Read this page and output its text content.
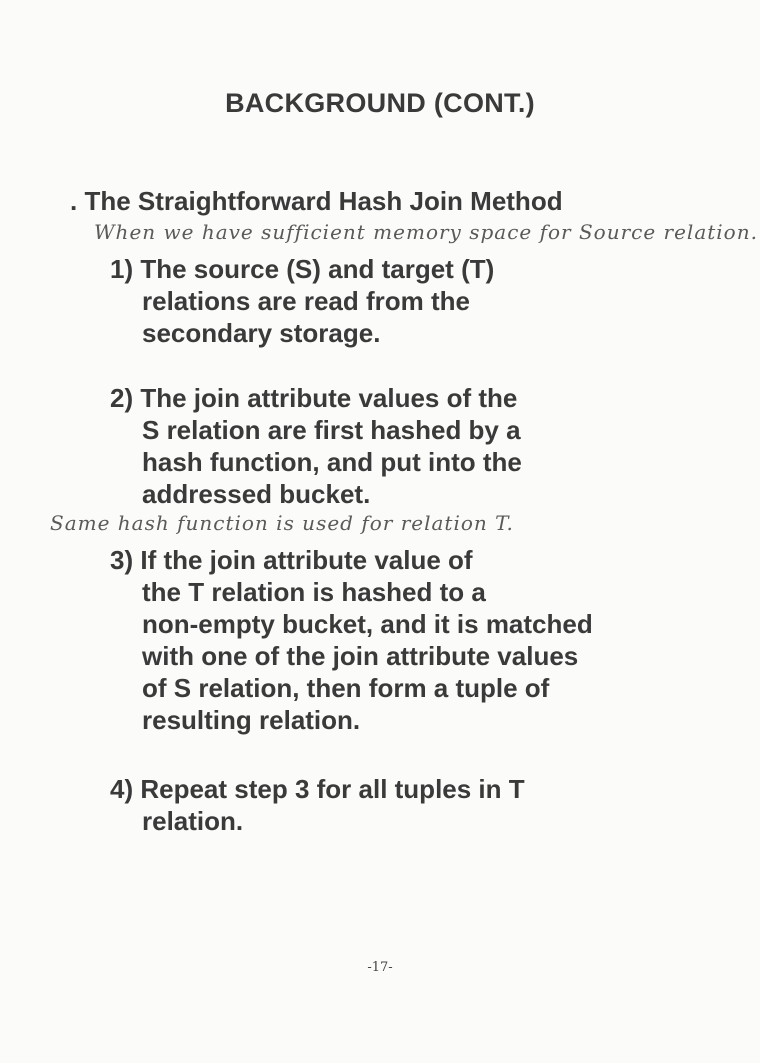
BACKGROUND (CONT.)
. The Straightforward Hash Join Method
When we have sufficient memory space for Source relation.
1) The source (S) and target (T)
relations are read from the
secondary storage.
2) The join attribute values of the
S relation are first hashed by a
hash function, and put into the
addressed bucket.
Same hash function is used for relation T.
3) If the join attribute value of
the T relation is hashed to a
non-empty bucket, and it is matched
with one of the join attribute values
of S relation, then form a tuple of
resulting relation.
4) Repeat step 3 for all tuples in T
relation.
-17-
